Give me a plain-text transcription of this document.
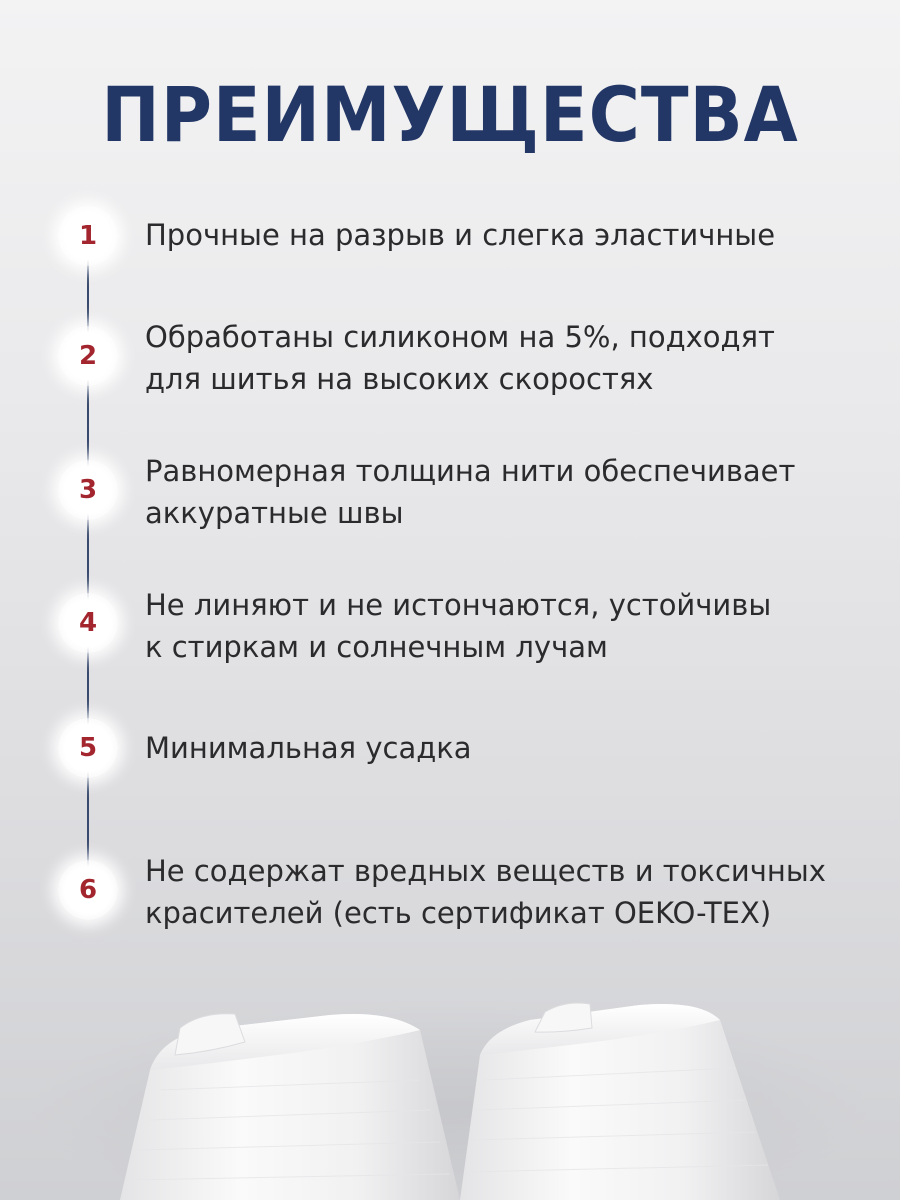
ПРЕИМУЩЕСТВА
1 Прочные на разрыв и слегка эластичные

2

Обработаны силиконом на 5%, подходят
для шитья на высоких скоростях

3

Равномерная толщина нити обеспечивает
аккуратные швы

4

Не линяют и не истончаются, устойчивы
к стиркам и солнечным лучам

5 Минимальная усадка

6

Не содержат вредных веществ и токсичных
красителей (есть сертификат OEKO-TEX)
